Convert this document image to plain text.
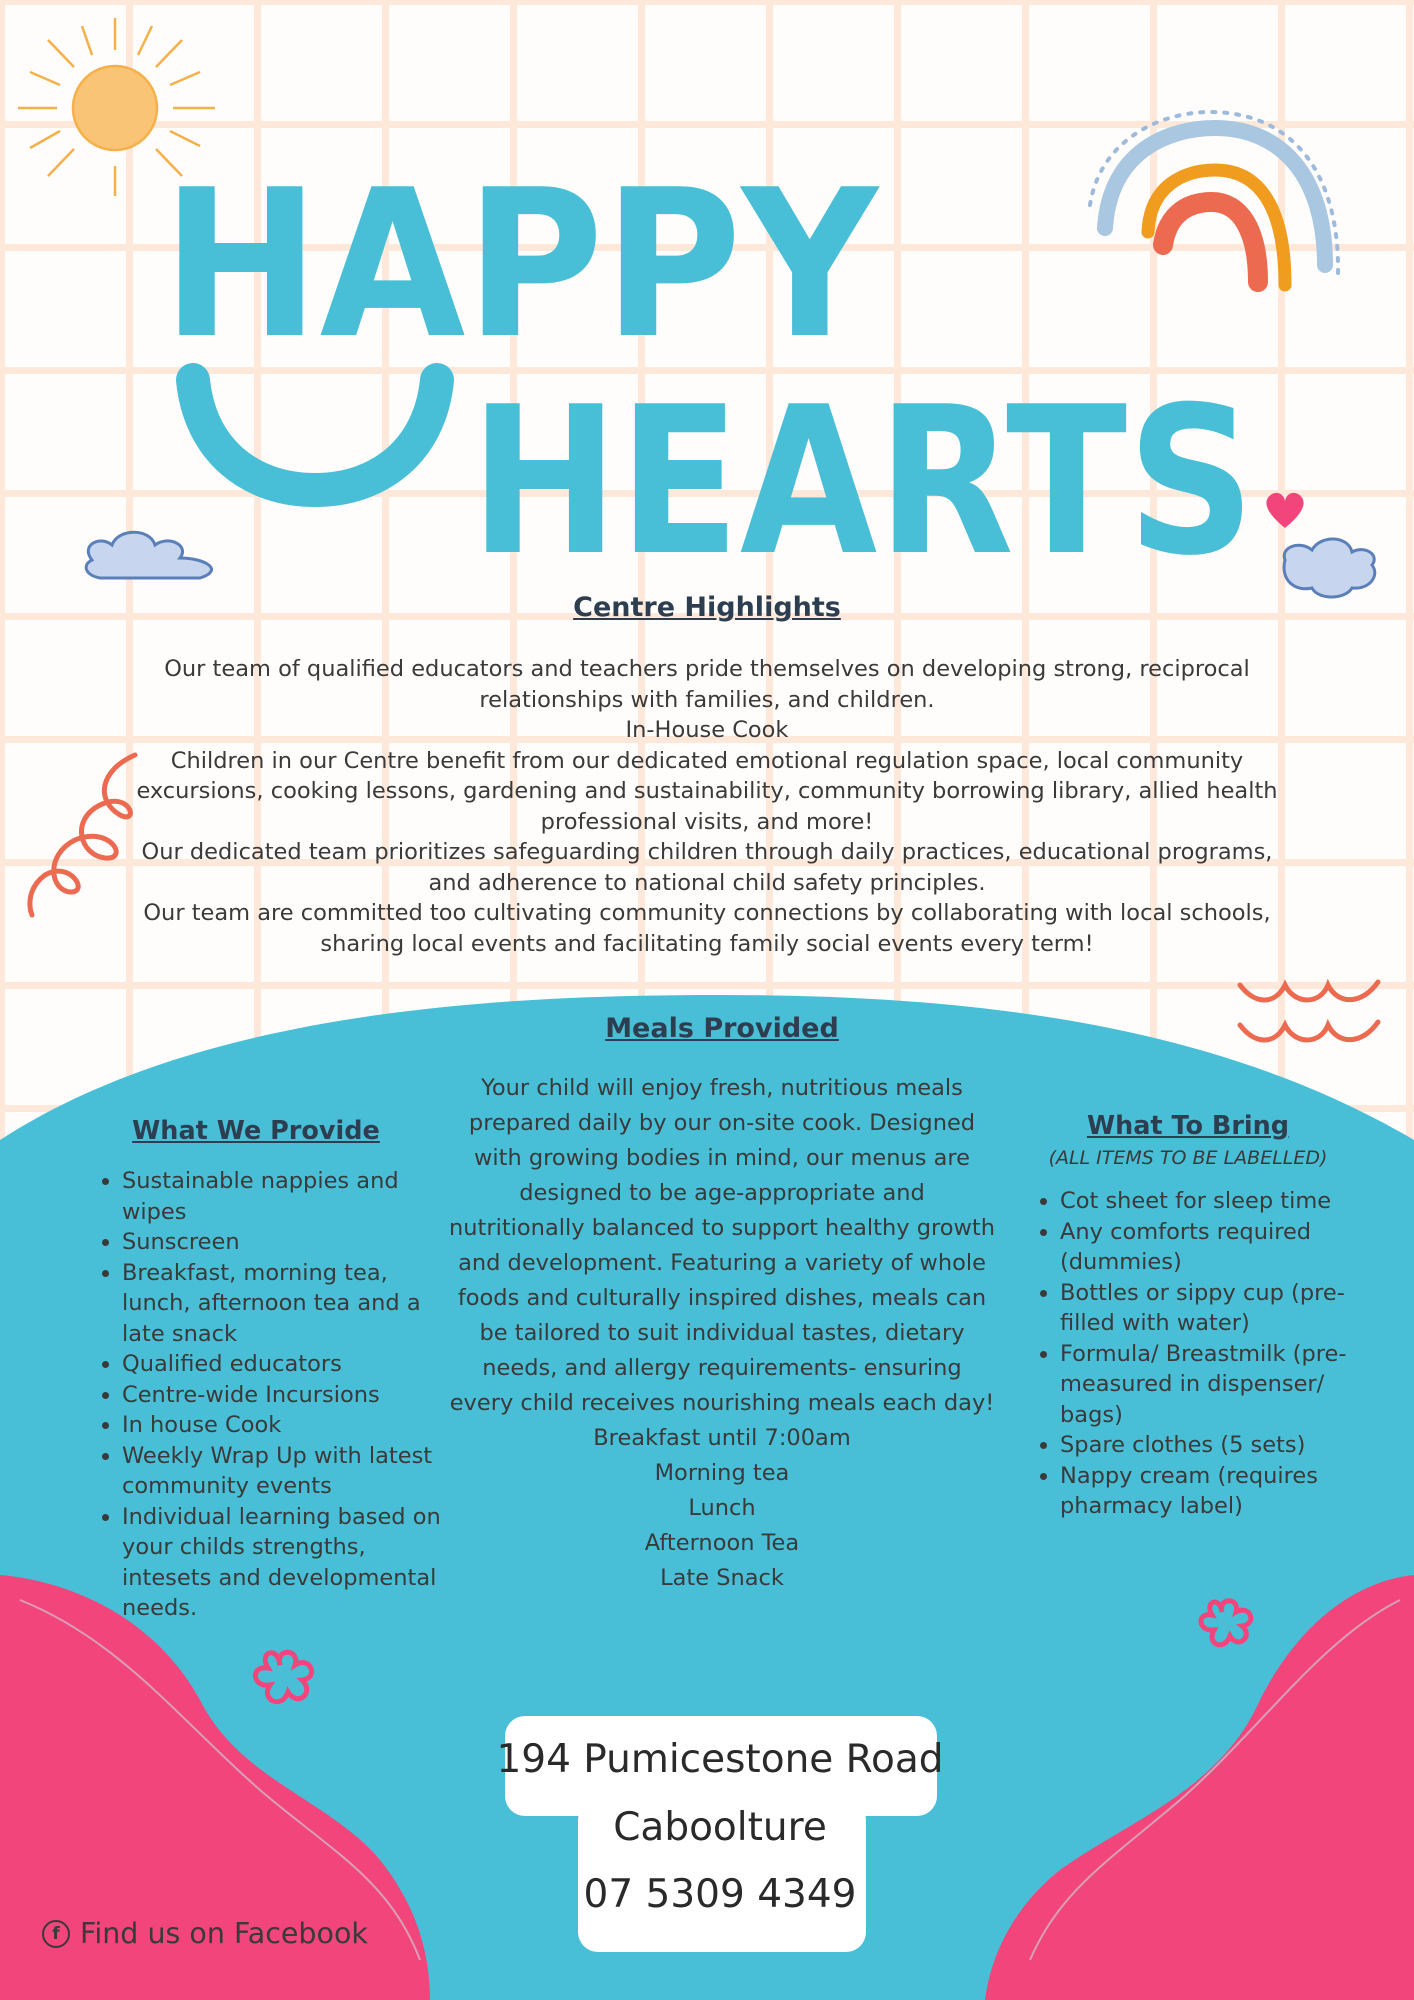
HAPPY
HEARTS
Centre Highlights

Our team of qualified educators and teachers pride themselves on developing strong, reciprocal relationships with families, and children.

In-House Cook

Children in our Centre benefit from our dedicated emotional regulation space, local community excursions, cooking lessons, gardening and sustainability, community borrowing library, allied health professional visits, and more!

Our dedicated team prioritizes safeguarding children through daily practices, educational programs, and adherence to national child safety principles.

Our team are committed too cultivating community connections by collaborating with local schools, sharing local events and facilitating family social events every term!

Meals Provided

Your child will enjoy fresh, nutritious meals prepared daily by our on-site cook. Designed with growing bodies in mind, our menus are designed to be age-appropriate and nutritionally balanced to support healthy growth and development. Featuring a variety of whole foods and culturally inspired dishes, meals can be tailored to suit individual tastes, dietary needs, and allergy requirements- ensuring every child receives nourishing meals each day!

Breakfast until 7:00am

Morning tea

Lunch

Afternoon Tea

Late Snack

What We Provide
• Sustainable nappies and wipes
• Sunscreen
• Breakfast, morning tea, lunch, afternoon tea and a late snack
• Qualified educators
• Centre-wide Incursions
• In house Cook
• Weekly Wrap Up with latest community events
• Individual learning based on your childs strengths, intesets and developmental needs.
What To Bring

(ALL ITEMS TO BE LABELLED)

• Cot sheet for sleep time
• Any comforts required (dummies)
• Bottles or sippy cup (pre-filled with water)
• Formula/ Breastmilk (pre-measured in dispenser/ bags)
• Spare clothes (5 sets)
• Nappy cream (requires pharmacy label)

194 Pumicestone Road

Caboolture

07 5309 4349

f Find us on Facebook
